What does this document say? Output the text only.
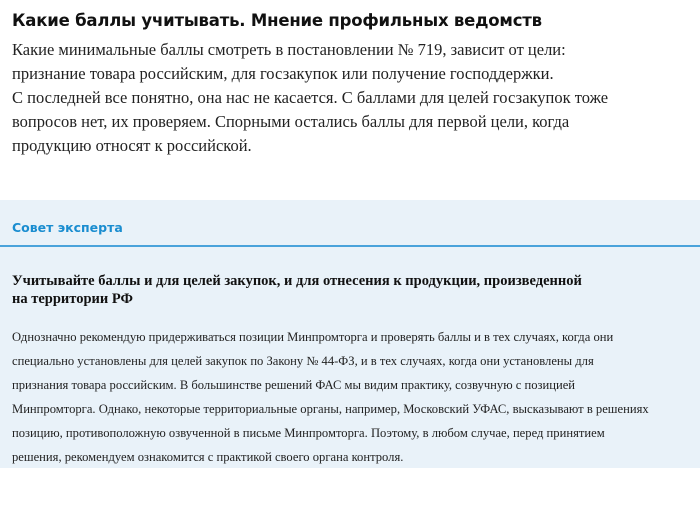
Какие баллы учитывать. Мнение профильных ведомств

Какие минимальные баллы смотреть в постановлении № 719, зависит от цели:
признание товара российским, для госзакупок или получение господдержки.
С последней все понятно, она нас не касается. С баллами для целей госзакупок тоже
вопросов нет, их проверяем. Спорными остались баллы для первой цели, когда
продукцию относят к российской.

Совет эксперта

Учитывайте баллы и для целей закупок, и для отнесения к продукции, произведенной
на территории РФ

Однозначно рекомендую придерживаться позиции Минпромторга и проверять баллы и в тех случаях, когда они
специально установлены для целей закупок по Закону № 44-ФЗ, и в тех случаях, когда они установлены для
признания товара российским. В большинстве решений ФАС мы видим практику, созвучную с позицией
Минпромторга. Однако, некоторые территориальные органы, например, Московский УФАС, высказывают в решениях
позицию, противоположную озвученной в письме Минпромторга. Поэтому, в любом случае, перед принятием
решения, рекомендуем ознакомится с практикой своего органа контроля.
